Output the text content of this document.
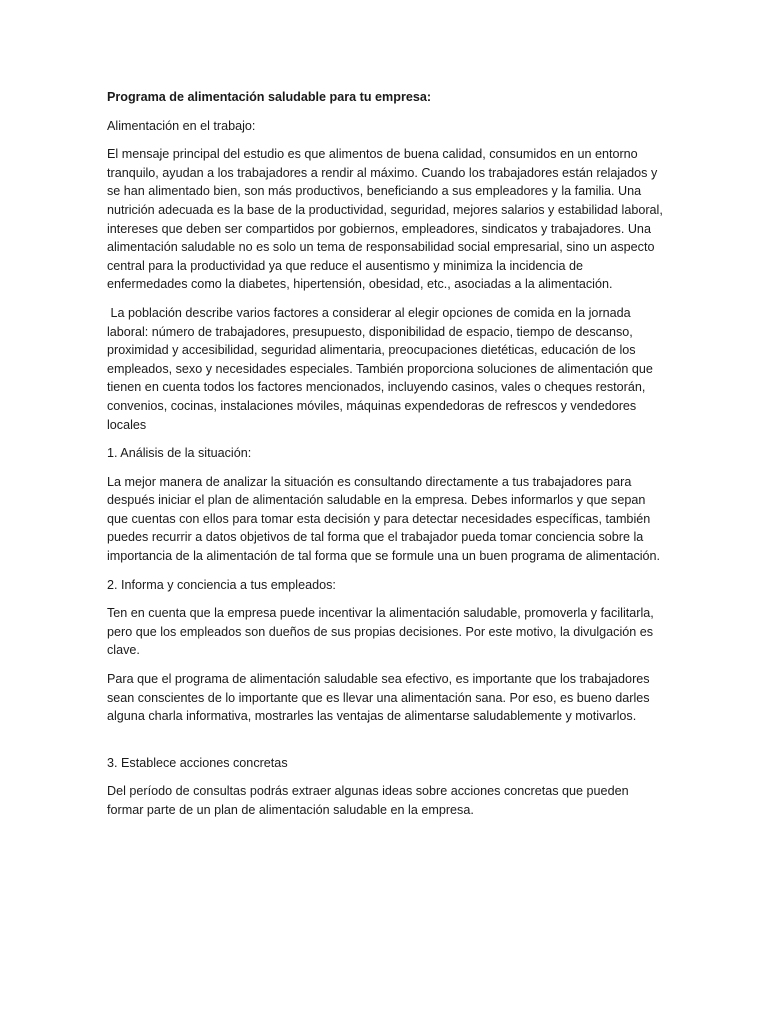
Programa de alimentación saludable para tu empresa:

Alimentación en el trabajo:

El mensaje principal del estudio es que alimentos de buena calidad, consumidos en un entorno tranquilo, ayudan a los trabajadores a rendir al máximo. Cuando los trabajadores están relajados y se han alimentado bien, son más productivos, beneficiando a sus empleadores y la familia. Una nutrición adecuada es la base de la productividad, seguridad, mejores salarios y estabilidad laboral, intereses que deben ser compartidos por gobiernos, empleadores, sindicatos y trabajadores. Una alimentación saludable no es solo un tema de responsabilidad social empresarial, sino un aspecto central para la productividad ya que reduce el ausentismo y minimiza la incidencia de enfermedades como la diabetes, hipertensión, obesidad, etc., asociadas a la alimentación.

La población describe varios factores a considerar al elegir opciones de comida en la jornada laboral: número de trabajadores, presupuesto, disponibilidad de espacio, tiempo de descanso, proximidad y accesibilidad, seguridad alimentaria, preocupaciones dietéticas, educación de los empleados, sexo y necesidades especiales. También proporciona soluciones de alimentación que tienen en cuenta todos los factores mencionados, incluyendo casinos, vales o cheques restorán, convenios, cocinas, instalaciones móviles, máquinas expendedoras de refrescos y vendedores locales

1. Análisis de la situación:

La mejor manera de analizar la situación es consultando directamente a tus trabajadores para después iniciar el plan de alimentación saludable en la empresa. Debes informarlos y que sepan que cuentas con ellos para tomar esta decisión y para detectar necesidades específicas, también puedes recurrir a datos objetivos de tal forma que el trabajador pueda tomar conciencia sobre la importancia de la alimentación de tal forma que se formule una un buen programa de alimentación.

2. Informa y conciencia a tus empleados:

Ten en cuenta que la empresa puede incentivar la alimentación saludable, promoverla y facilitarla, pero que los empleados son dueños de sus propias decisiones. Por este motivo, la divulgación es clave.

Para que el programa de alimentación saludable sea efectivo, es importante que los trabajadores sean conscientes de lo importante que es llevar una alimentación sana. Por eso, es bueno darles alguna charla informativa, mostrarles las ventajas de alimentarse saludablemente y motivarlos.

3. Establece acciones concretas

Del período de consultas podrás extraer algunas ideas sobre acciones concretas que pueden formar parte de un plan de alimentación saludable en la empresa.
